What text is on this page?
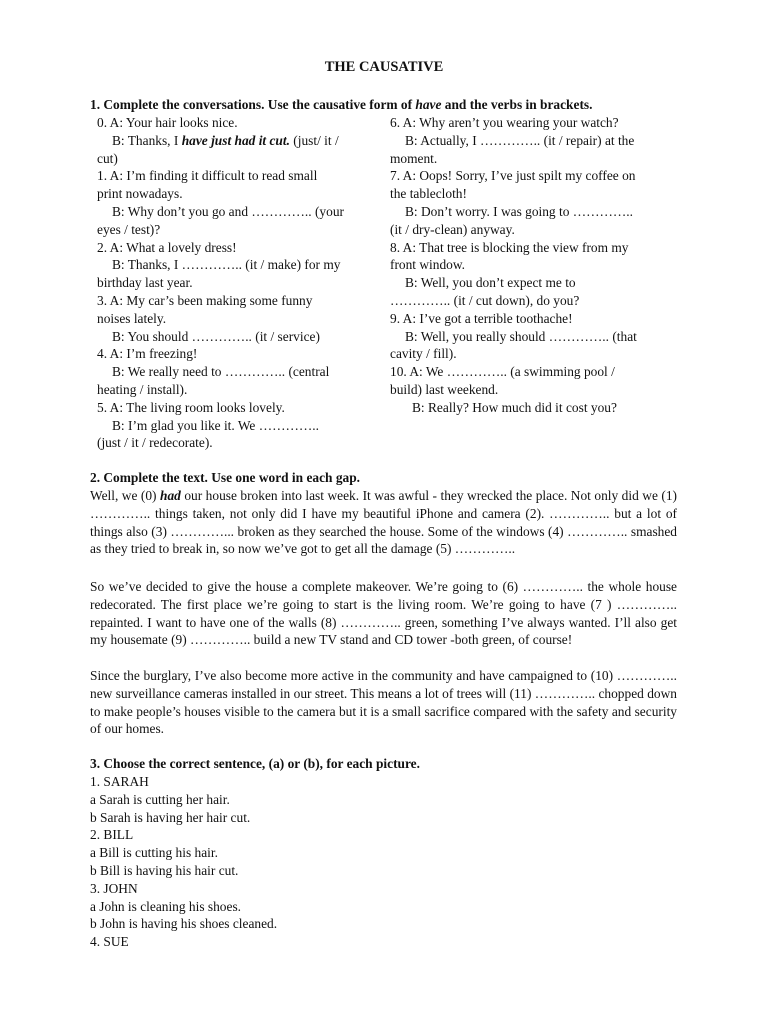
THE CAUSATIVE
1. Complete the conversations. Use the causative form of have and the verbs in brackets.
0. A: Your hair looks nice.
B: Thanks, I have just had it cut. (just/ it /
cut)
1. A: I’m finding it difficult to read small
print nowadays.
B: Why don’t you go and ………….. (your
eyes / test)?
2. A: What a lovely dress!
B: Thanks, I ………….. (it / make) for my
birthday last year.
3. A: My car’s been making some funny
noises lately.
B: You should ………….. (it / service)
4. A: I’m freezing!
B: We really need to ………….. (central
heating / install).
5. A: The living room looks lovely.
B: I’m glad you like it. We …………..
(just / it / redecorate).
6. A: Why aren’t you wearing your watch?
B: Actually, I ………….. (it / repair) at the
moment.
7. A: Oops! Sorry, I’ve just spilt my coffee on
the tablecloth!
B: Don’t worry. I was going to …………..
(it / dry-clean) anyway.
8. A: That tree is blocking the view from my
front window.
B: Well, you don’t expect me to
………….. (it / cut down), do you?
9. A: I’ve got a terrible toothache!
B: Well, you really should ………….. (that
cavity / fill).
10. A: We ………….. (a swimming pool /
build) last weekend.
B: Really? How much did it cost you?
2. Complete the text. Use one word in each gap.
Well, we (0) had our house broken into last week. It was awful - they wrecked the place. Not only did we (1) ………….. things taken, not only did I have my beautiful iPhone and camera (2). ………….. but a lot of things also (3) …………... broken as they searched the house. Some of the windows (4) ………….. smashed as they tried to break in, so now we’ve got to get all the damage (5) …………..
So we’ve decided to give the house a complete makeover. We’re going to (6) ………….. the whole house redecorated. The first place we’re going to start is the living room. We’re going to have (7 ) ………….. repainted. I want to have one of the walls (8) ………….. green, something I’ve always wanted. I’ll also get my housemate (9) ………….. build a new TV stand and CD tower -both green, of course!
Since the burglary, I’ve also become more active in the community and have campaigned to (10) ………….. new surveillance cameras installed in our street. This means a lot of trees will (11) ………….. chopped down to make people’s houses visible to the camera but it is a small sacrifice compared with the safety and security of our homes.
3. Choose the correct sentence, (a) or (b), for each picture.
1. SARAH
a Sarah is cutting her hair.
b Sarah is having her hair cut.
2. BILL
a Bill is cutting his hair.
b Bill is having his hair cut.
3. JOHN
a John is cleaning his shoes.
b John is having his shoes cleaned.
4. SUE
